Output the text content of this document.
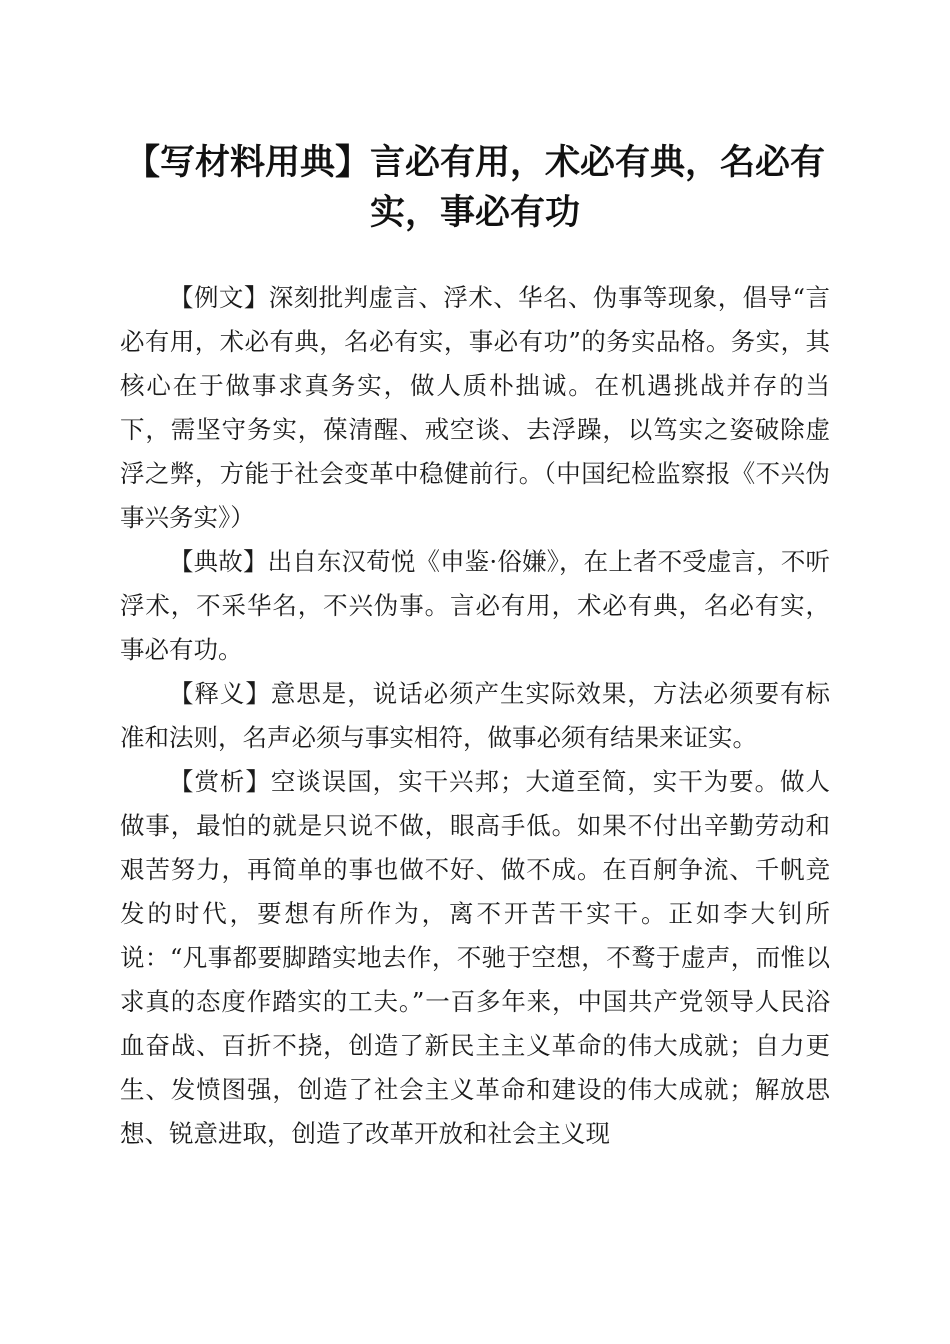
【写材料用典】言必有用，术必有典，名必有实，事必有功

【例文】深刻批判虚言、浮术、华名、伪事等现象，倡导“言必有用，术必有典，名必有实，事必有功”的务实品格。务实，其核心在于做事求真务实，做人质朴拙诚。在机遇挑战并存的当下，需坚守务实，葆清醒、戒空谈、去浮躁，以笃实之姿破除虚浮之弊，方能于社会变革中稳健前行。（中国纪检监察报《不兴伪事兴务实》）

【典故】出自东汉荀悦《申鉴·俗嫌》，在上者不受虚言，不听浮术，不采华名，不兴伪事。言必有用，术必有典，名必有实，事必有功。

【释义】意思是，说话必须产生实际效果，方法必须要有标准和法则，名声必须与事实相符，做事必须有结果来证实。

【赏析】空谈误国，实干兴邦；大道至简，实干为要。做人做事，最怕的就是只说不做，眼高手低。如果不付出辛勤劳动和艰苦努力，再简单的事也做不好、做不成。在百舸争流、千帆竞发的时代，要想有所作为，离不开苦干实干。正如李大钊所说：“凡事都要脚踏实地去作，不驰于空想，不鹜于虚声，而惟以求真的态度作踏实的工夫。”一百多年来，中国共产党领导人民浴血奋战、百折不挠，创造了新民主主义革命的伟大成就；自力更生、发愤图强，创造了社会主义革命和建设的伟大成就；解放思想、锐意进取，创造了改革开放和社会主义现
